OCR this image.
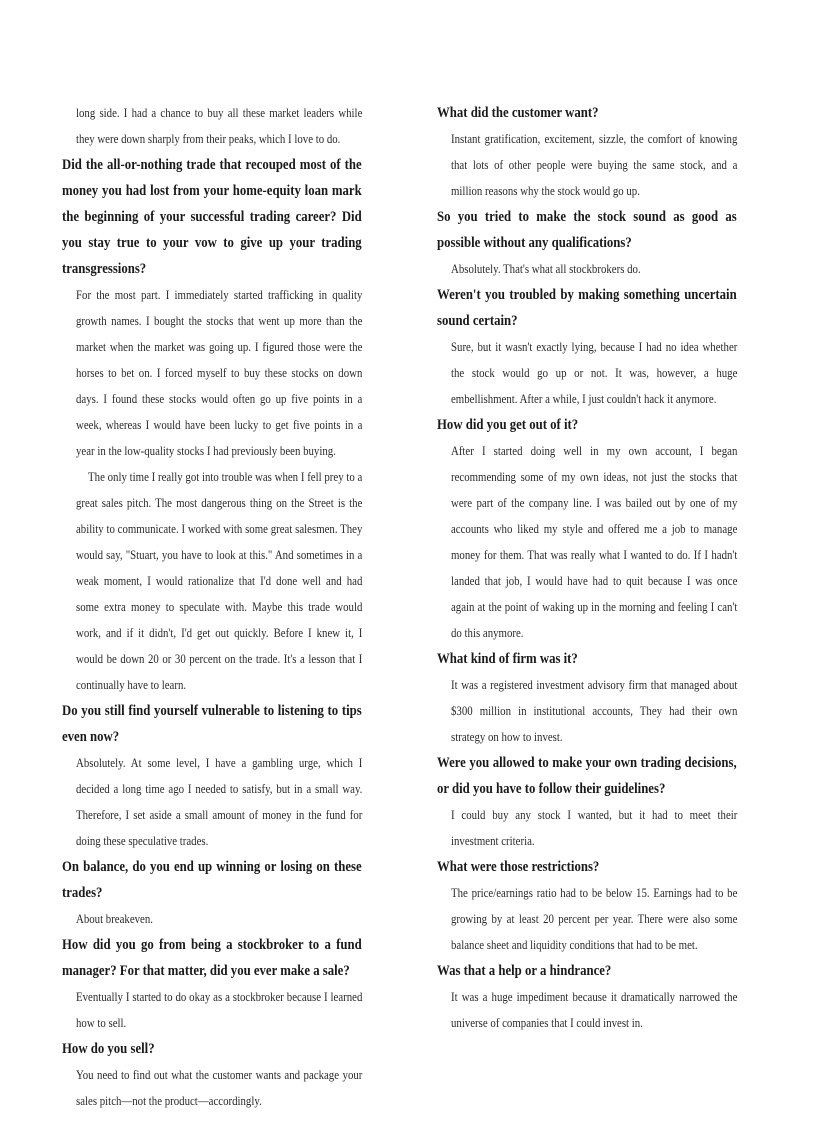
long side. I had a chance to buy all these market leaders while they were down sharply from their peaks, which I love to do.

Did the all-or-nothing trade that recouped most of the money you had lost from your home-equity loan mark the beginning of your successful trading career? Did you stay true to your vow to give up your trading transgressions?

For the most part. I immediately started trafficking in quality growth names. I bought the stocks that went up more than the market when the market was going up. I figured those were the horses to bet on. I forced myself to buy these stocks on down days. I found these stocks would often go up five points in a week, whereas I would have been lucky to get five points in a year in the low-quality stocks I had previously been buying.

The only time I really got into trouble was when I fell prey to a great sales pitch. The most dangerous thing on the Street is the ability to communicate. I worked with some great salesmen. They would say, "Stuart, you have to look at this." And sometimes in a weak moment, I would rationalize that I'd done well and had some extra money to speculate with. Maybe this trade would work, and if it didn't, I'd get out quickly. Before I knew it, I would be down 20 or 30 percent on the trade. It's a lesson that I continually have to learn.

Do you still find yourself vulnerable to listening to tips even now?

Absolutely. At some level, I have a gambling urge, which I decided a long time ago I needed to satisfy, but in a small way. Therefore, I set aside a small amount of money in the fund for doing these speculative trades.

On balance, do you end up winning or losing on these trades?

About breakeven.

How did you go from being a stockbroker to a fund manager? For that matter, did you ever make a sale?

Eventually I started to do okay as a stockbroker because I learned how to sell.

How do you sell?

You need to find out what the customer wants and package your sales pitch—not the product—accordingly.

What did the customer want?

Instant gratification, excitement, sizzle, the comfort of knowing that lots of other people were buying the same stock, and a million reasons why the stock would go up.

So you tried to make the stock sound as good as possible without any qualifications?

Absolutely. That's what all stockbrokers do.

Weren't you troubled by making something uncertain sound certain?

Sure, but it wasn't exactly lying, because I had no idea whether the stock would go up or not. It was, however, a huge embellishment. After a while, I just couldn't hack it anymore.

How did you get out of it?

After I started doing well in my own account, I began recommending some of my own ideas, not just the stocks that were part of the company line. I was bailed out by one of my accounts who liked my style and offered me a job to manage money for them. That was really what I wanted to do. If I hadn't landed that job, I would have had to quit because I was once again at the point of waking up in the morning and feeling I can't do this anymore.

What kind of firm was it?

It was a registered investment advisory firm that managed about $300 million in institutional accounts, They had their own strategy on how to invest.

Were you allowed to make your own trading decisions, or did you have to follow their guidelines?

I could buy any stock I wanted, but it had to meet their investment criteria.

What were those restrictions?

The price/earnings ratio had to be below 15. Earnings had to be growing by at least 20 percent per year. There were also some balance sheet and liquidity conditions that had to be met.

Was that a help or a hindrance?

It was a huge impediment because it dramatically narrowed the universe of companies that I could invest in.
